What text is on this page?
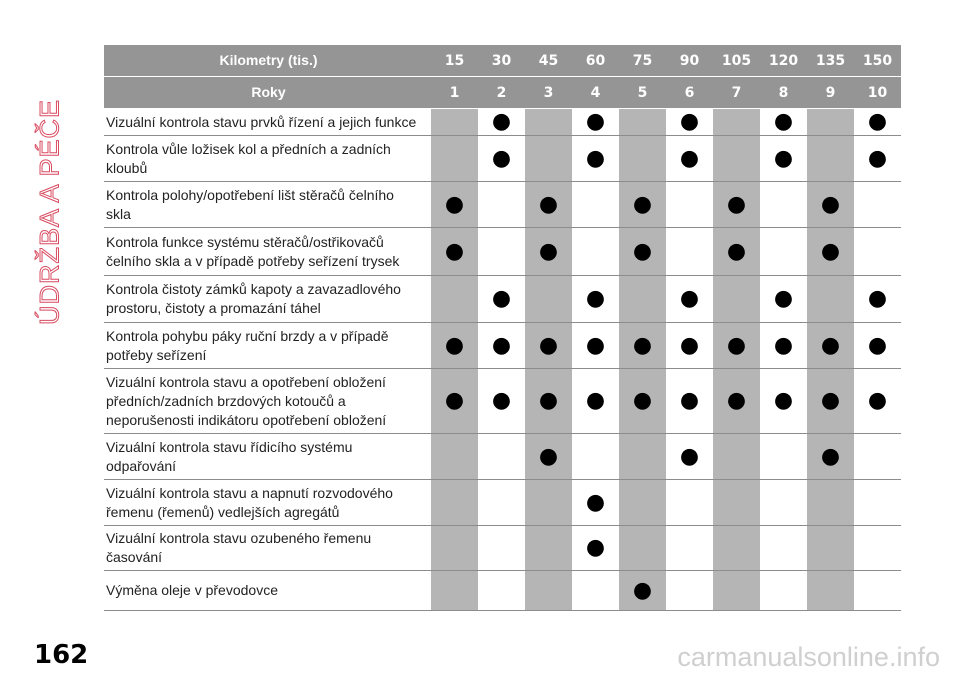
ÚDRŽBA A PÉČE
Kilometry (tis.)	15	30	45	60	75	90	105	120	135	150
Roky	1	2	3	4	5	6	7	8	9	10
Vizuální kontrola stavu prvků řízení a jejich funkce		●		●		●		●		●
Kontrola vůle ložisek kol a předních a zadních
kloubů		●		●		●		●		●
Kontrola polohy/opotřebení lišt stěračů čelního
skla	●		●		●		●		●	
Kontrola funkce systému stěračů/ostřikovačů
čelního skla a v případě potřeby seřízení trysek	●		●		●		●		●	
Kontrola čistoty zámků kapoty a zavazadlového
prostoru, čistoty a promazání táhel		●		●		●		●		●
Kontrola pohybu páky ruční brzdy a v případě
potřeby seřízení	●	●	●	●	●	●	●	●	●	●
Vizuální kontrola stavu a opotřebení obložení
předních/zadních brzdových kotoučů a
neporušenosti indikátoru opotřebení obložení	●	●	●	●	●	●	●	●	●	●
Vizuální kontrola stavu řídicího systému
odpařování			●			●			●	
Vizuální kontrola stavu a napnutí rozvodového
řemenu (řemenů) vedlejších agregátů				●						
Vizuální kontrola stavu ozubeného řemenu
časování				●						
Výměna oleje v převodovce					●					
162	carmanualsonline.info
